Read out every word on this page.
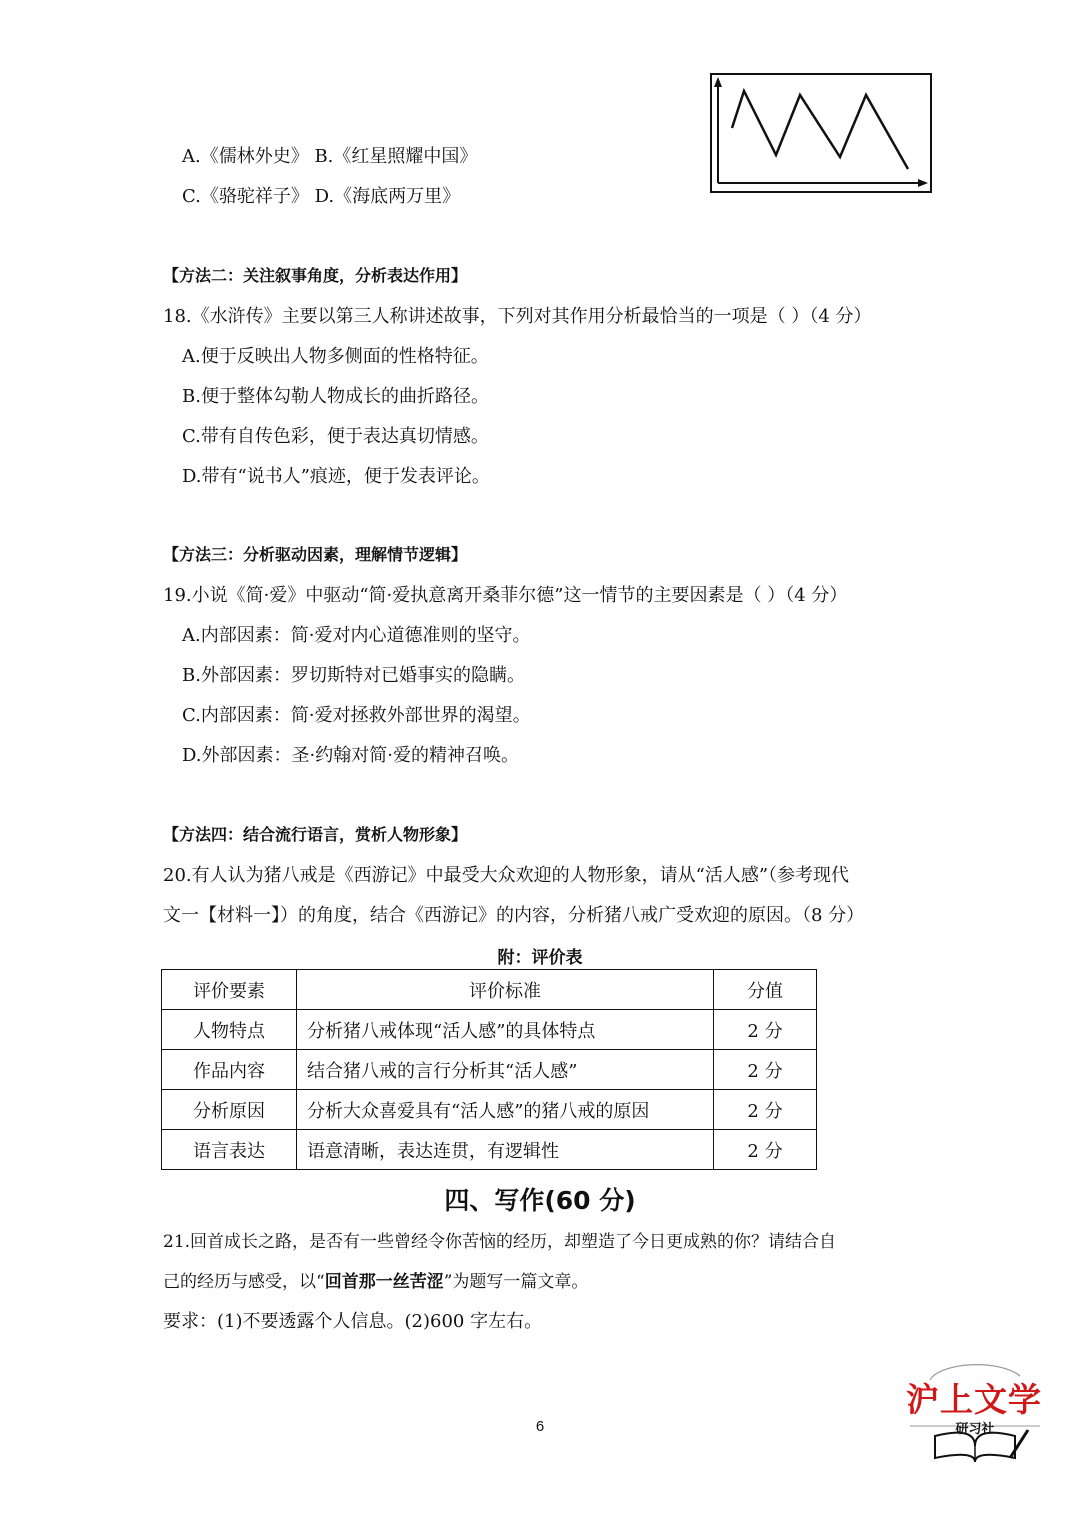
A.《儒林外史》 B.《红星照耀中国》
C.《骆驼祥子》 D.《海底两万里》
【方法二：关注叙事角度，分析表达作用】
18.《水浒传》主要以第三人称讲述故事，下列对其作用分析最恰当的一项是（ ）（4 分）
A.便于反映出人物多侧面的性格特征。
B.便于整体勾勒人物成长的曲折路径。
C.带有自传色彩，便于表达真切情感。
D.带有“说书人”痕迹，便于发表评论。
【方法三：分析驱动因素，理解情节逻辑】
19.小说《简·爱》中驱动“简·爱执意离开桑菲尔德”这一情节的主要因素是（ ）（4 分）
A.内部因素：简·爱对内心道德准则的坚守。
B.外部因素：罗切斯特对已婚事实的隐瞒。
C.内部因素：简·爱对拯救外部世界的渴望。
D.外部因素：圣·约翰对简·爱的精神召唤。
【方法四：结合流行语言，赏析人物形象】
20.有人认为猪八戒是《西游记》中最受大众欢迎的人物形象，请从“活人感”（参考现代
文一【材料一】）的角度，结合《西游记》的内容，分析猪八戒广受欢迎的原因。（8 分）
附：评价表
评价要素	评价标准	分值
人物特点	分析猪八戒体现“活人感”的具体特点	2 分
作品内容	结合猪八戒的言行分析其“活人感”	2 分
分析原因	分析大众喜爱具有“活人感”的猪八戒的原因	2 分
语言表达	语意清晰，表达连贯，有逻辑性	2 分
四、写作(60 分)
21.回首成长之路，是否有一些曾经令你苦恼的经历，却塑造了今日更成熟的你？请结合自
己的经历与感受，以“回首那一丝苦涩”为题写一篇文章。
要求：(1)不要透露个人信息。(2)600 字左右。
6
沪上文学
研习社
